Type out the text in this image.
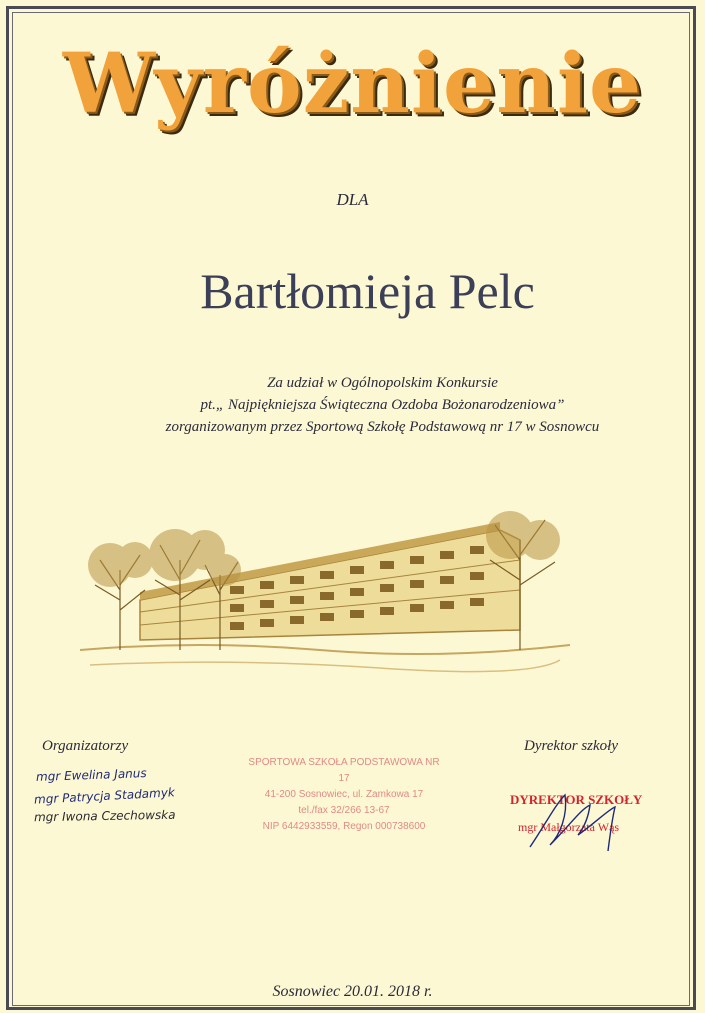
Wyróżnienie
DLA
Bartłomieja Pelc
Za udział w Ogólnopolskim Konkursie
pt.„ Najpiękniejsza Świąteczna Ozdoba Bożonarodzeniowa”
zorganizowanym przez Sportową Szkołę Podstawową nr 17 w Sosnowcu
Organizatorzy
mgr Ewelina Janus
mgr Patrycja Stadamyk
mgr Iwona Czechowska
SPORTOWA SZKOŁA PODSTAWOWA NR 17
41-200 Sosnowiec, ul. Zamkowa 17
tel./fax 32/266 13-67
NIP 6442933559, Regon 000738600
Dyrektor szkoły
DYREKTOR SZKOŁY
mgr Małgorzata Wąs
Sosnowiec 20.01. 2018 r.
